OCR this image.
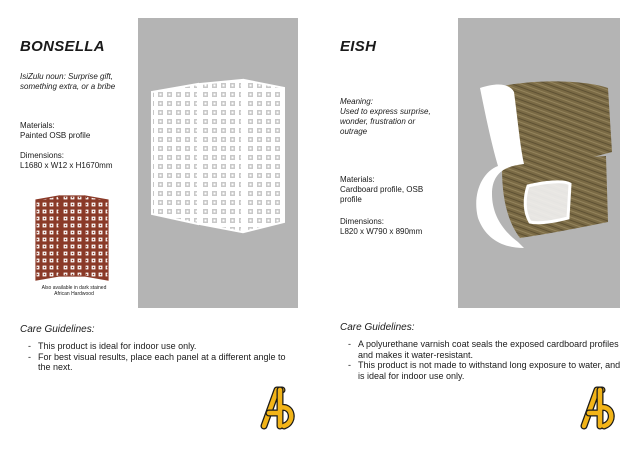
BONSELLA
IsiZulu noun: Surprise gift, something extra, or a bribe
Materials:
Painted OSB profile
Dimensions:
L1680 x W12 x H1670mm
Also available in dark stained
African Hardwood
Care Guidelines:
- This product is ideal for indoor use only.
- For best visual results, place each panel at a different angle to the next.
EISH
Meaning:
Used to express surprise, wonder, frustration or outrage
Materials:
Cardboard profile, OSB profile
Dimensions:
L820 x W790 x 890mm
Care Guidelines:
- A polyurethane varnish coat seals the exposed cardboard profiles and makes it water-resistant.
- This product is not made to withstand long exposure to water, and is ideal for indoor use only.
